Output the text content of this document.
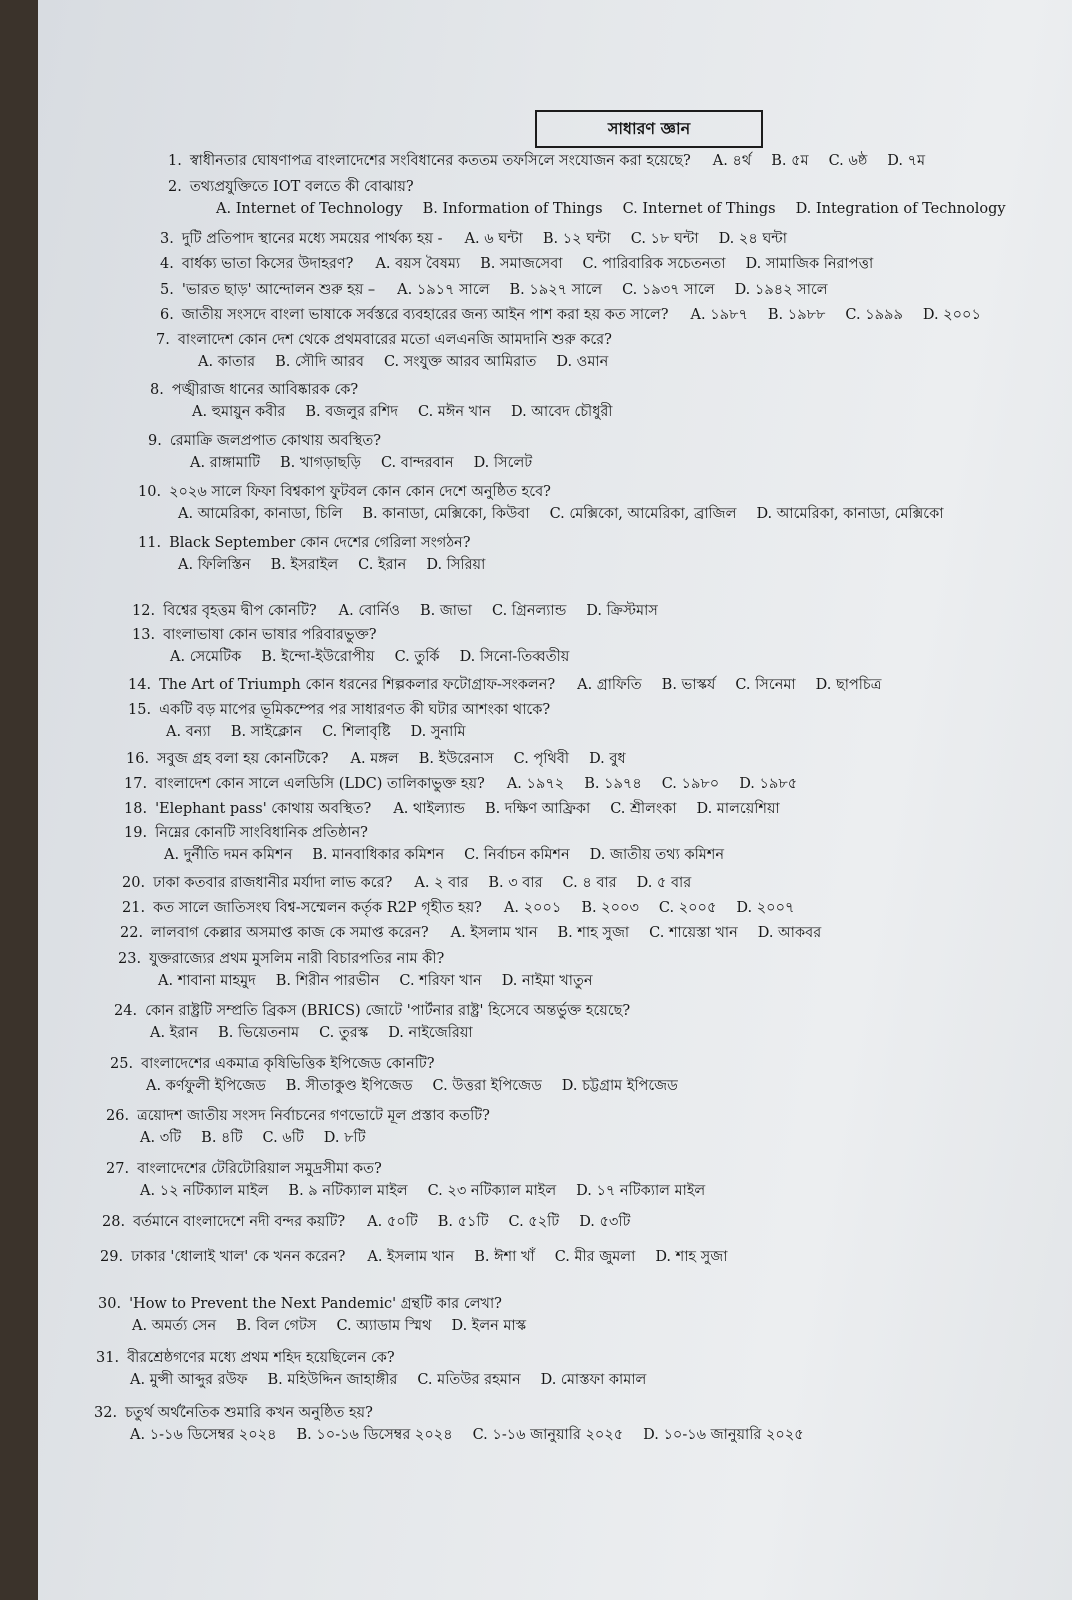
সাধারণ জ্ঞান
1. স্বাধীনতার ঘোষণাপত্র বাংলাদেশের সংবিধানের কততম তফসিলে সংযোজন করা হয়েছে? A. ৪র্থ B. ৫ম C. ৬ষ্ঠ D. ৭ম
2. তথ্যপ্রযুক্তিতে IOT বলতে কী বোঝায়?
A. Internet of Technology B. Information of Things C. Internet of Things D. Integration of Technology
3. দুটি প্রতিপাদ স্থানের মধ্যে সময়ের পার্থক্য হয় - A. ৬ ঘন্টা B. ১২ ঘন্টা C. ১৮ ঘন্টা D. ২৪ ঘন্টা
4. বার্ধক্য ভাতা কিসের উদাহরণ? A. বয়স বৈষম্য B. সমাজসেবা C. পারিবারিক সচেতনতা D. সামাজিক নিরাপত্তা
5. 'ভারত ছাড়' আন্দোলন শুরু হয় – A. ১৯১৭ সালে B. ১৯২৭ সালে C. ১৯৩৭ সালে D. ১৯৪২ সালে
6. জাতীয় সংসদে বাংলা ভাষাকে সর্বস্তরে ব্যবহারের জন্য আইন পাশ করা হয় কত সালে? A. ১৯৮৭ B. ১৯৮৮ C. ১৯৯৯ D. ২০০১
7. বাংলাদেশ কোন দেশ থেকে প্রথমবারের মতো এলএনজি আমদানি শুরু করে?
A. কাতার B. সৌদি আরব C. সংযুক্ত আরব আমিরাত D. ওমান
8. পঙ্খীরাজ ধানের আবিষ্কারক কে?
A. হুমায়ুন কবীর B. বজলুর রশিদ C. মঈন খান D. আবেদ চৌধুরী
9. রেমাক্রি জলপ্রপাত কোথায় অবস্থিত?
A. রাঙ্গামাটি B. খাগড়াছড়ি C. বান্দরবান D. সিলেট
10. ২০২৬ সালে ফিফা বিশ্বকাপ ফুটবল কোন কোন দেশে অনুষ্ঠিত হবে?
A. আমেরিকা, কানাডা, চিলি B. কানাডা, মেক্সিকো, কিউবা C. মেক্সিকো, আমেরিকা, ব্রাজিল D. আমেরিকা, কানাডা, মেক্সিকো
11. Black September কোন দেশের গেরিলা সংগঠন?
A. ফিলিস্তিন B. ইসরাইল C. ইরান D. সিরিয়া
12. বিশ্বের বৃহত্তম দ্বীপ কোনটি? A. বোর্নিও B. জাভা C. গ্রিনল্যান্ড D. ক্রিস্টমাস
13. বাংলাভাষা কোন ভাষার পরিবারভুক্ত?
A. সেমেটিক B. ইন্দো-ইউরোপীয় C. তুর্কি D. সিনো-তিব্বতীয়
14. The Art of Triumph কোন ধরনের শিল্পকলার ফটোগ্রাফ-সংকলন? A. গ্রাফিতি B. ভাস্কর্য C. সিনেমা D. ছাপচিত্র
15. একটি বড় মাপের ভূমিকম্পের পর সাধারণত কী ঘটার আশংকা থাকে?
A. বন্যা B. সাইক্লোন C. শিলাবৃষ্টি D. সুনামি
16. সবুজ গ্রহ বলা হয় কোনটিকে? A. মঙ্গল B. ইউরেনাস C. পৃথিবী D. বুধ
17. বাংলাদেশ কোন সালে এলডিসি (LDC) তালিকাভুক্ত হয়? A. ১৯৭২ B. ১৯৭৪ C. ১৯৮০ D. ১৯৮৫
18. 'Elephant pass' কোথায় অবস্থিত? A. থাইল্যান্ড B. দক্ষিণ আফ্রিকা C. শ্রীলংকা D. মালয়েশিয়া
19. নিম্নের কোনটি সাংবিধানিক প্রতিষ্ঠান?
A. দুর্নীতি দমন কমিশন B. মানবাধিকার কমিশন C. নির্বাচন কমিশন D. জাতীয় তথ্য কমিশন
20. ঢাকা কতবার রাজধানীর মর্যাদা লাভ করে? A. ২ বার B. ৩ বার C. ৪ বার D. ৫ বার
21. কত সালে জাতিসংঘ বিশ্ব-সম্মেলন কর্তৃক R2P গৃহীত হয়? A. ২০০১ B. ২০০৩ C. ২০০৫ D. ২০০৭
22. লালবাগ কেল্লার অসমাপ্ত কাজ কে সমাপ্ত করেন? A. ইসলাম খান B. শাহ সুজা C. শায়েস্তা খান D. আকবর
23. যুক্তরাজ্যের প্রথম মুসলিম নারী বিচারপতির নাম কী?
A. শাবানা মাহমুদ B. শিরীন পারভীন C. শরিফা খান D. নাইমা খাতুন
24. কোন রাষ্ট্রটি সম্প্রতি ব্রিকস (BRICS) জোটে 'পার্টনার রাষ্ট্র' হিসেবে অন্তর্ভুক্ত হয়েছে?
A. ইরান B. ভিয়েতনাম C. তুরস্ক D. নাইজেরিয়া
25. বাংলাদেশের একমাত্র কৃষিভিত্তিক ইপিজেড কোনটি?
A. কর্ণফুলী ইপিজেড B. সীতাকুণ্ড ইপিজেড C. উত্তরা ইপিজেড D. চট্টগ্রাম ইপিজেড
26. ত্রয়োদশ জাতীয় সংসদ নির্বাচনের গণভোটে মূল প্রস্তাব কতটি?
A. ৩টি B. ৪টি C. ৬টি D. ৮টি
27. বাংলাদেশের টেরিটোরিয়াল সমুদ্রসীমা কত?
A. ১২ নটিক্যাল মাইল B. ৯ নটিক্যাল মাইল C. ২৩ নটিক্যাল মাইল D. ১৭ নটিক্যাল মাইল
28. বর্তমানে বাংলাদেশে নদী বন্দর কয়টি? A. ৫০টি B. ৫১টি C. ৫২টি D. ৫৩টি
29. ঢাকার 'ধোলাই খাল' কে খনন করেন? A. ইসলাম খান B. ঈশা খাঁ C. মীর জুমলা D. শাহ সুজা
30. 'How to Prevent the Next Pandemic' গ্রন্থটি কার লেখা?
A. অমর্ত্য সেন B. বিল গেটস C. অ্যাডাম স্মিথ D. ইলন মাস্ক
31. বীরশ্রেষ্ঠগণের মধ্যে প্রথম শহিদ হয়েছিলেন কে?
A. মুন্সী আব্দুর রউফ B. মহিউদ্দিন জাহাঙ্গীর C. মতিউর রহমান D. মোস্তফা কামাল
32. চতুর্থ অর্থনৈতিক শুমারি কখন অনুষ্ঠিত হয়?
A. ১-১৬ ডিসেম্বর ২০২৪ B. ১০-১৬ ডিসেম্বর ২০২৪ C. ১-১৬ জানুয়ারি ২০২৫ D. ১০-১৬ জানুয়ারি ২০২৫
